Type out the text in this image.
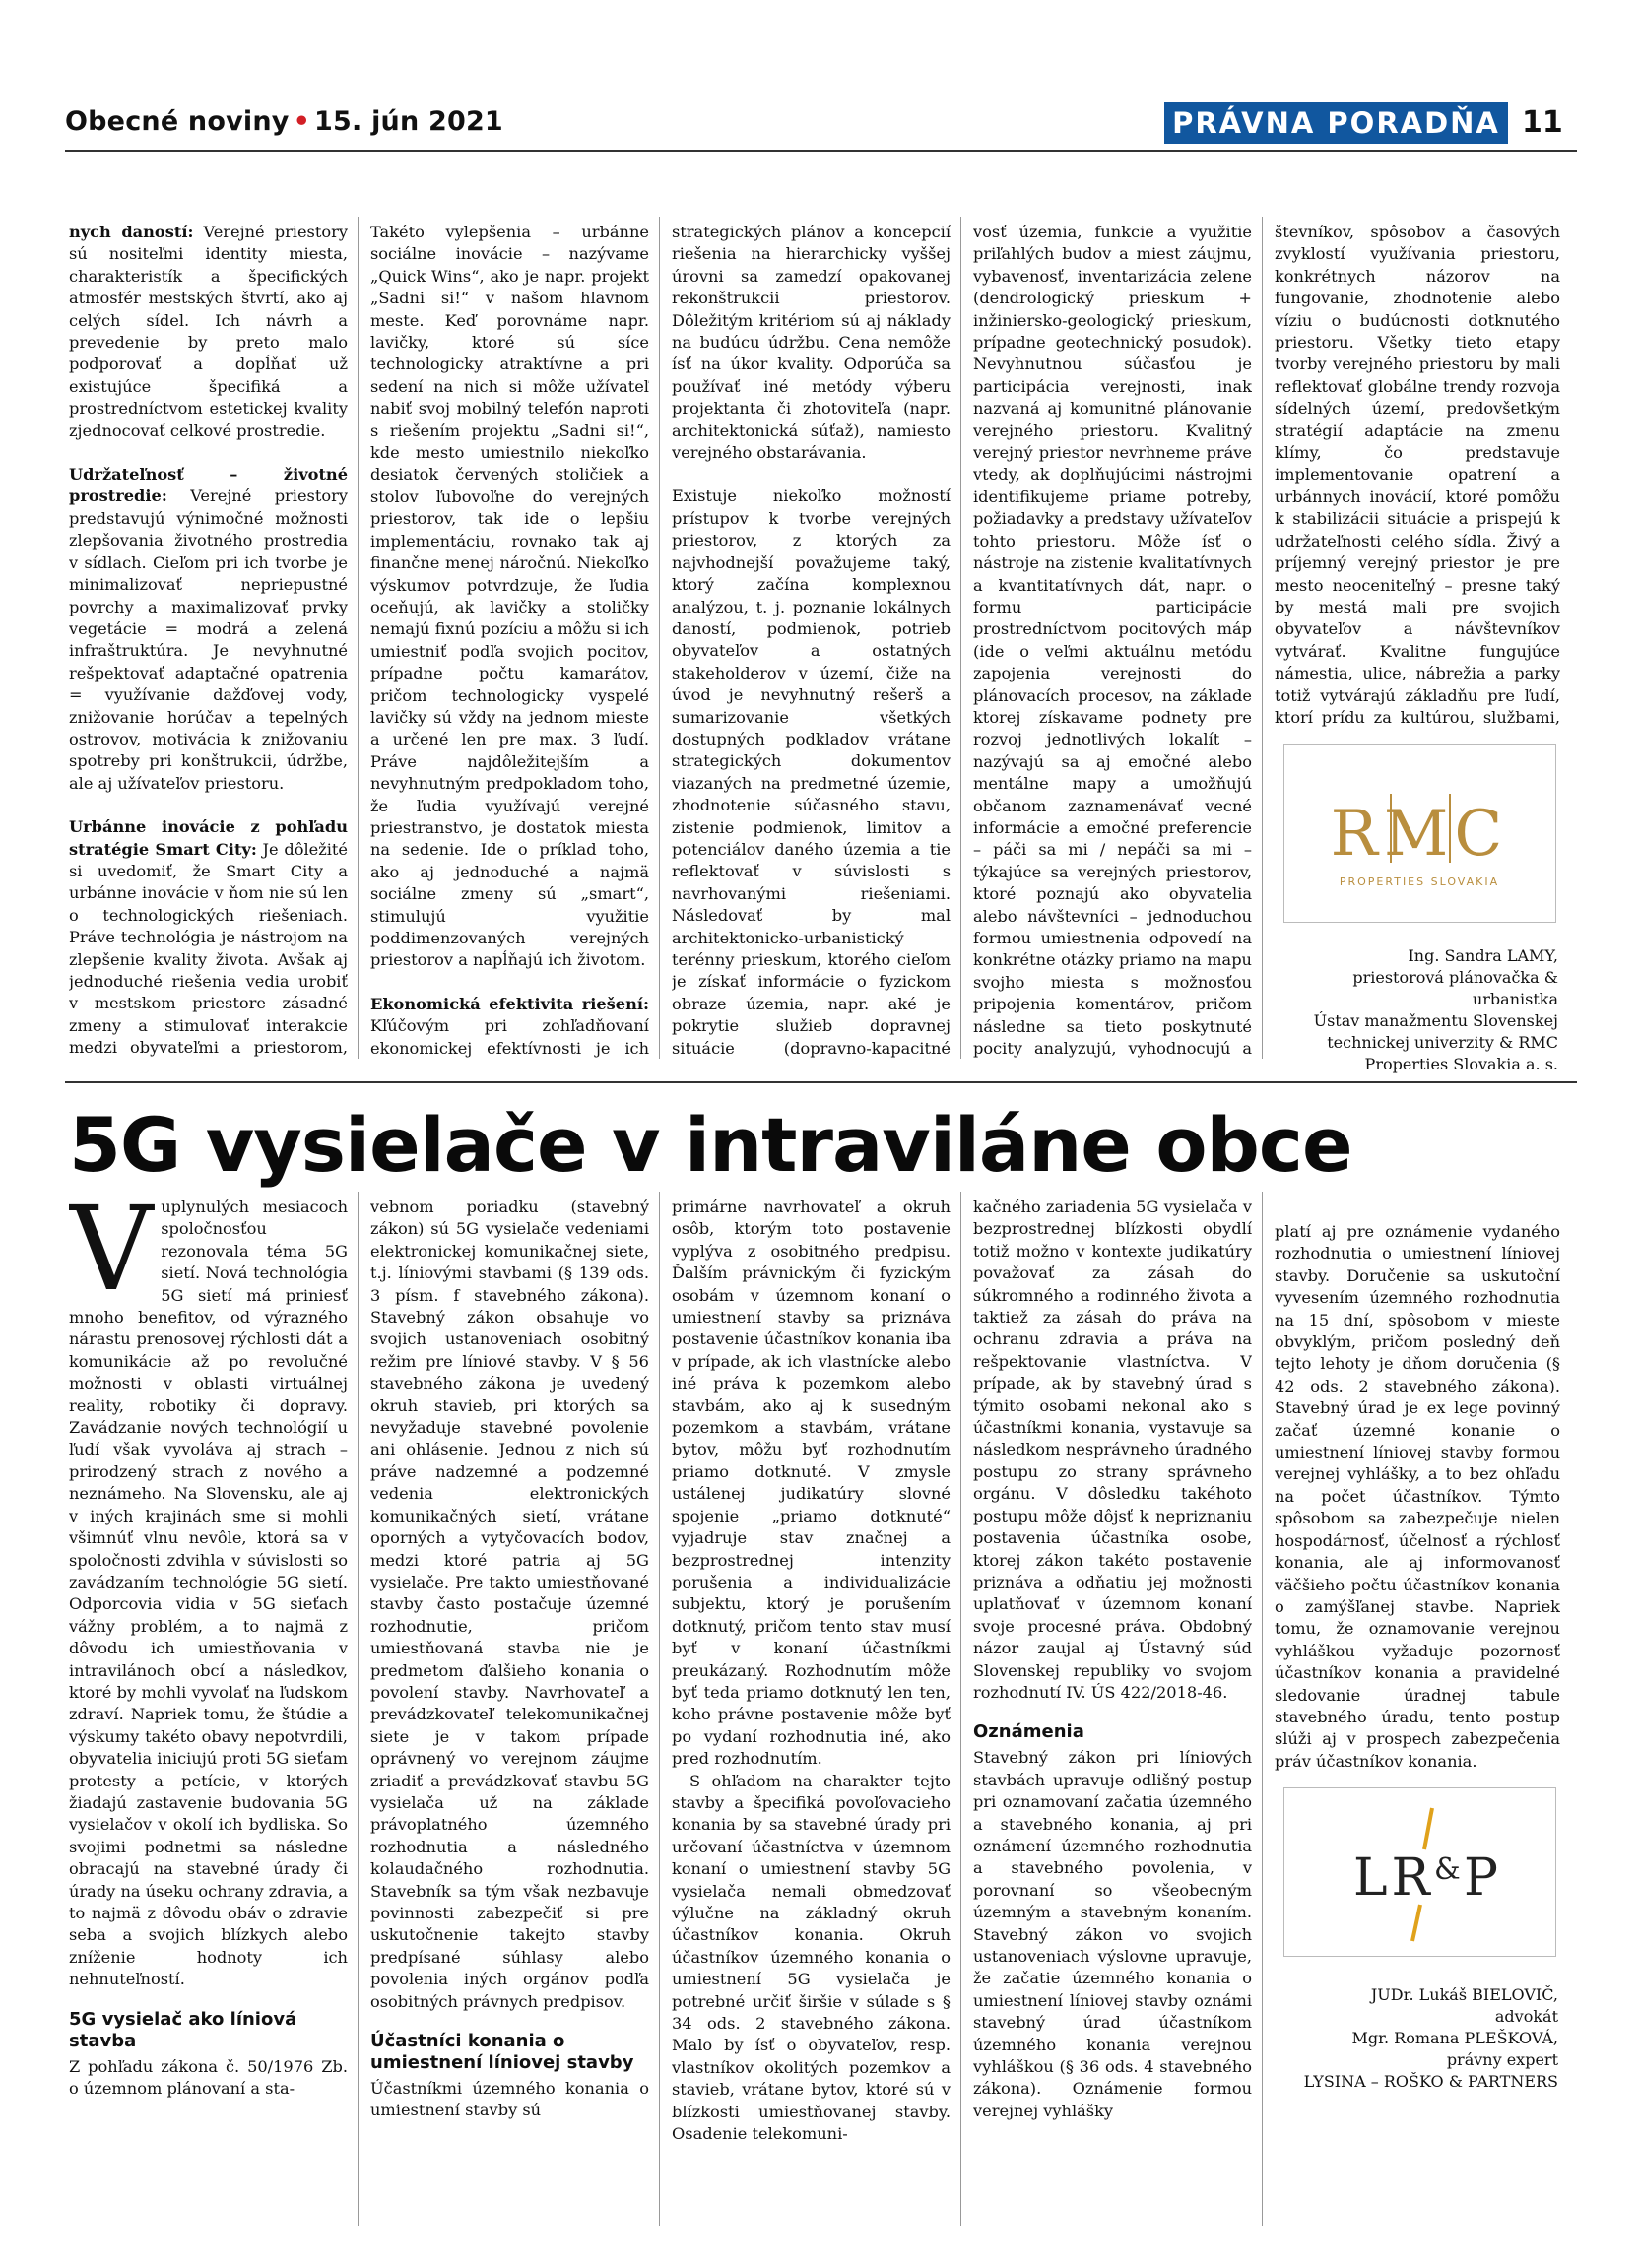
Obecné noviny • 15. jún 2021	PRÁVNA PORADŇA 11

nych daností: Verejné priestory sú nositeľmi identity miesta, charakteristík a špecifických atmosfér mestských štvrtí, ako aj celých sídel. Ich návrh a prevedenie by preto malo podporovať a dopĺňať už existujúce špecifiká a prostredníctvom estetickej kvality zjednocovať celkové prostredie.

Udržateľnosť – životné prostredie: Verejné priestory predstavujú výnimočné možnosti zlepšovania životného prostredia v sídlach. Cieľom pri ich tvorbe je minimalizovať nepriepustné povrchy a maximalizovať prvky vegetácie = modrá a zelená infraštruktúra. Je nevyhnutné rešpektovať adaptačné opatrenia = využívanie dažďovej vody, znižovanie horúčav a tepelných ostrovov, motivácia k znižovaniu spotreby pri konštrukcii, údržbe, ale aj užívateľov priestoru.

Urbánne inovácie z pohľadu stratégie Smart City: Je dôležité si uvedomiť, že Smart City a urbánne inovácie v ňom nie sú len o technologických riešeniach. Práve technológia je nástrojom na zlepšenie kvality života. Avšak aj jednoduché riešenia vedia urobiť v mestskom priestore zásadné zmeny a stimulovať interakcie medzi obyvateľmi a priestorom,

Takéto vylepšenia – urbánne sociálne inovácie – nazývame „Quick Wins“, ako je napr. projekt „Sadni si!“ v našom hlavnom meste. Keď porovnáme napr. lavičky, ktoré sú síce technologicky atraktívne a pri sedení na nich si môže užívateľ nabiť svoj mobilný telefón naproti s riešením projektu „Sadni si!“, kde mesto umiestnilo niekoľko desiatok červených stoličiek a stolov ľubovoľne do verejných priestorov, tak ide o lepšiu implementáciu, rovnako tak aj finančne menej náročnú. Niekoľko výskumov potvrdzuje, že ľudia oceňujú, ak lavičky a stoličky nemajú fixnú pozíciu a môžu si ich umiestniť podľa svojich pocitov, prípadne počtu kamarátov, pričom technologicky vyspelé lavičky sú vždy na jednom mieste a určené len pre max. 3 ľudí. Práve najdôležitejším a nevyhnutným predpokladom toho, že ľudia využívajú verejné priestranstvo, je dostatok miesta na sedenie. Ide o príklad toho, ako aj jednoduché a najmä sociálne zmeny sú „smart“, stimulujú využitie poddimenzovaných verejných priestorov a napĺňajú ich životom.

Ekonomická efektivita riešení: Kľúčovým pri zohľadňovaní ekonomickej efektívnosti je ich

strategických plánov a koncepcií riešenia na hierarchicky vyššej úrovni sa zamedzí opakovanej rekonštrukcii priestorov. Dôležitým kritériom sú aj náklady na budúcu údržbu. Cena nemôže ísť na úkor kvality. Odporúča sa používať iné metódy výberu projektanta či zhotoviteľa (napr. architektonická súťaž), namiesto verejného obstarávania.

Existuje niekoľko možností prístupov k tvorbe verejných priestorov, z ktorých za najvhodnejší považujeme taký, ktorý začína komplexnou analýzou, t. j. poznanie lokálnych daností, podmienok, potrieb obyvateľov a ostatných stakeholderov v území, čiže na úvod je nevyhnutný rešerš a sumarizovanie všetkých dostupných podkladov vrátane strategických dokumentov viazaných na predmetné územie, zhodnotenie súčasného stavu, zistenie podmienok, limitov a potenciálov daného územia a tie reflektovať v súvislosti s navrhovanými riešeniami. Následovať by mal architektonicko-urbanistický terénny prieskum, ktorého cieľom je získať informácie o fyzickom obraze územia, napr. aké je pokrytie služieb dopravnej situácie (dopravno-kapacitné

vosť územia, funkcie a využitie priľahlých budov a miest záujmu, vybavenosť, inventarizácia zelene (dendrologický prieskum + inžiniersko-geologický prieskum, prípadne geotechnický posudok). Nevyhnutnou súčasťou je participácia verejnosti, inak nazvaná aj komunitné plánovanie verejného priestoru. Kvalitný verejný priestor nevrhneme práve vtedy, ak doplňujúcimi nástrojmi identifikujeme priame potreby, požiadavky a predstavy užívateľov tohto priestoru. Môže ísť o nástroje na zistenie kvalitatívnych a kvantitatívnych dát, napr. o formu participácie prostredníctvom pocitových máp (ide o veľmi aktuálnu metódu zapojenia verejnosti do plánovacích procesov, na základe ktorej získavame podnety pre rozvoj jednotlivých lokalít – nazývajú sa aj emočné alebo mentálne mapy a umožňujú občanom zaznamenávať vecné informácie a emočné preferencie – páči sa mi / nepáči sa mi – týkajúce sa verejných priestorov, ktoré poznajú ako obyvatelia alebo návštevníci – jednoduchou formou umiestnenia odpovedí na konkrétne otázky priamo na mapu svojho miesta s možnosťou pripojenia komentárov, pričom následne sa tieto poskytnuté pocity analyzujú, vyhodnocujú a

števníkov, spôsobov a časových zvyklostí využívania priestoru, konkrétnych názorov na fungovanie, zhodnotenie alebo víziu o budúcnosti dotknutého priestoru. Všetky tieto etapy tvorby verejného priestoru by mali reflektovať globálne trendy rozvoja sídelných území, predovšetkým stratégií adaptácie na zmenu klímy, čo predstavuje implementovanie opatrení a urbánnych inovácií, ktoré pomôžu k stabilizácii situácie a prispejú k udržateľnosti celého sídla. Živý a príjemný verejný priestor je pre mesto neoceniteľný – presne taký by mestá mali pre svojich obyvateľov a návštevníkov vytvárať. Kvalitne fungujúce námestia, ulice, nábrežia a parky totiž vytvárajú základňu pre ľudí, ktorí prídu za kultúrou, službami,

RMC
PROPERTIES SLOVAKIA
Ing. Sandra LAMY,
priestorová plánovačka & urbanistka
Ústav manažmentu Slovenskej
technickej univerzity & RMC
Properties Slovakia a. s.
5G vysielače v intraviláne obce

Vuplynulých mesiacoch spoločnosťou rezonovala téma 5G sietí. Nová technológia 5G sietí má priniesť mnoho benefitov, od výrazného nárastu prenosovej rýchlosti dát a komunikácie až po revolučné možnosti v oblasti virtuálnej reality, robotiky či dopravy. Zavádzanie nových technológií u ľudí však vyvoláva aj strach – prirodzený strach z nového a neznámeho. Na Slovensku, ale aj v iných krajinách sme si mohli všimnúť vlnu nevôle, ktorá sa v spoločnosti zdvihla v súvislosti so zavádzaním technológie 5G sietí. Odporcovia vidia v 5G sieťach vážny problém, a to najmä z dôvodu ich umiestňovania v intravilánoch obcí a následkov, ktoré by mohli vyvolať na ľudskom zdraví. Napriek tomu, že štúdie a výskumy takéto obavy nepotvrdili, obyvatelia iniciujú proti 5G sieťam protesty a petície, v ktorých žiadajú zastavenie budovania 5G vysielačov v okolí ich bydliska. So svojimi podnetmi sa následne obracajú na stavebné úrady či úrady na úseku ochrany zdravia, a to najmä z dôvodu obáv o zdravie seba a svojich blízkych alebo zníženie hodnoty ich nehnuteľností.

5G vysielač ako líniová stavba

Z pohľadu zákona č. 50/1976 Zb. o územnom plánovaní a sta-

vebnom poriadku (stavebný zákon) sú 5G vysielače vedeniami elektronickej komunikačnej siete, t.j. líniovými stavbami (§ 139 ods. 3 písm. f stavebného zákona). Stavebný zákon obsahuje vo svojich ustanoveniach osobitný režim pre líniové stavby. V § 56 stavebného zákona je uvedený okruh stavieb, pri ktorých sa nevyžaduje stavebné povolenie ani ohlásenie. Jednou z nich sú práve nadzemné a podzemné vedenia elektronických komunikačných sietí, vrátane oporných a vytyčovacích bodov, medzi ktoré patria aj 5G vysielače. Pre takto umiestňované stavby často postačuje územné rozhodnutie, pričom umiestňovaná stavba nie je predmetom ďalšieho konania o povolení stavby. Navrhovateľ a prevádzkovateľ telekomunikačnej siete je v takom prípade oprávnený vo verejnom záujme zriadiť a prevádzkovať stavbu 5G vysielača už na základe právoplatného územného rozhodnutia a následného kolaudačného rozhodnutia. Stavebník sa tým však nezbavuje povinnosti zabezpečiť si pre uskutočnenie takejto stavby predpísané súhlasy alebo povolenia iných orgánov podľa osobitných právnych predpisov.

Účastníci konania o umiestnení líniovej stavby

Účastníkmi územného konania o umiestnení stavby sú

primárne navrhovateľ a okruh osôb, ktorým toto postavenie vyplýva z osobitného predpisu. Ďalším právnickým či fyzickým osobám v územnom konaní o umiestnení stavby sa priznáva postavenie účastníkov konania iba v prípade, ak ich vlastnícke alebo iné práva k pozemkom alebo stavbám, ako aj k susedným pozemkom a stavbám, vrátane bytov, môžu byť rozhodnutím priamo dotknuté. V zmysle ustálenej judikatúry slovné spojenie „priamo dotknuté“ vyjadruje stav značnej a bezprostrednej intenzity porušenia a individualizácie subjektu, ktorý je porušením dotknutý, pričom tento stav musí byť v konaní účastníkmi preukázaný. Rozhodnutím môže byť teda priamo dotknutý len ten, koho právne postavenie môže byť po vydaní rozhodnutia iné, ako pred rozhodnutím.

S ohľadom na charakter tejto stavby a špecifiká povoľovacieho konania by sa stavebné úrady pri určovaní účastníctva v územnom konaní o umiestnení stavby 5G vysielača nemali obmedzovať výlučne na základný okruh účastníkov konania. Okruh účastníkov územného konania o umiestnení 5G vysielača je potrebné určiť širšie v súlade s § 34 ods. 2 stavebného zákona. Malo by ísť o obyvateľov, resp. vlastníkov okolitých pozemkov a stavieb, vrátane bytov, ktoré sú v blízkosti umiestňovanej stavby. Osadenie telekomuni-

kačného zariadenia 5G vysielača v bezprostrednej blízkosti obydlí totiž možno v kontexte judikatúry považovať za zásah do súkromného a rodinného života a taktiež za zásah do práva na ochranu zdravia a práva na rešpektovanie vlastníctva. V prípade, ak by stavebný úrad s týmito osobami nekonal ako s účastníkmi konania, vystavuje sa následkom nesprávneho úradného postupu zo strany správneho orgánu. V dôsledku takéhoto postupu môže dôjsť k nepriznaniu postavenia účastníka osobe, ktorej zákon takéto postavenie priznáva a odňatiu jej možnosti uplatňovať v územnom konaní svoje procesné práva. Obdobný názor zaujal aj Ústavný súd Slovenskej republiky vo svojom rozhodnutí IV. ÚS 422/2018-46.

Oznámenia

Stavebný zákon pri líniových stavbách upravuje odlišný postup pri oznamovaní začatia územného a stavebného konania, aj pri oznámení územného rozhodnutia a stavebného povolenia, v porovnaní so všeobecným územným a stavebným konaním. Stavebný zákon vo svojich ustanoveniach výslovne upravuje, že začatie územného konania o umiestnení líniovej stavby oznámi stavebný úrad účastníkom územného konania verejnou vyhláškou (§ 36 ods. 4 stavebného zákona). Oznámenie formou verejnej vyhlášky

platí aj pre oznámenie vydaného rozhodnutia o umiestnení líniovej stavby. Doručenie sa uskutoční vyvesením územného rozhodnutia na 15 dní, spôsobom v mieste obvyklým, pričom posledný deň tejto lehoty je dňom doručenia (§ 42 ods. 2 stavebného zákona). Stavebný úrad je ex lege povinný začať územné konanie o umiestnení líniovej stavby formou verejnej vyhlášky, a to bez ohľadu na počet účastníkov. Týmto spôsobom sa zabezpečuje nielen hospodárnosť, účelnosť a rýchlosť konania, ale aj informovanosť väčšieho počtu účastníkov konania o zamýšľanej stavbe. Napriek tomu, že oznamovanie verejnou vyhláškou vyžaduje pozornosť účastníkov konania a pravidelné sledovanie úradnej tabule stavebného úradu, tento postup slúži aj v prospech zabezpečenia práv účastníkov konania.

LR & P
JUDr. Lukáš BIELOVIČ,
advokát
Mgr. Romana PLEŠKOVÁ,
právny expert
LYSINA – ROŠKO & PARTNERS
